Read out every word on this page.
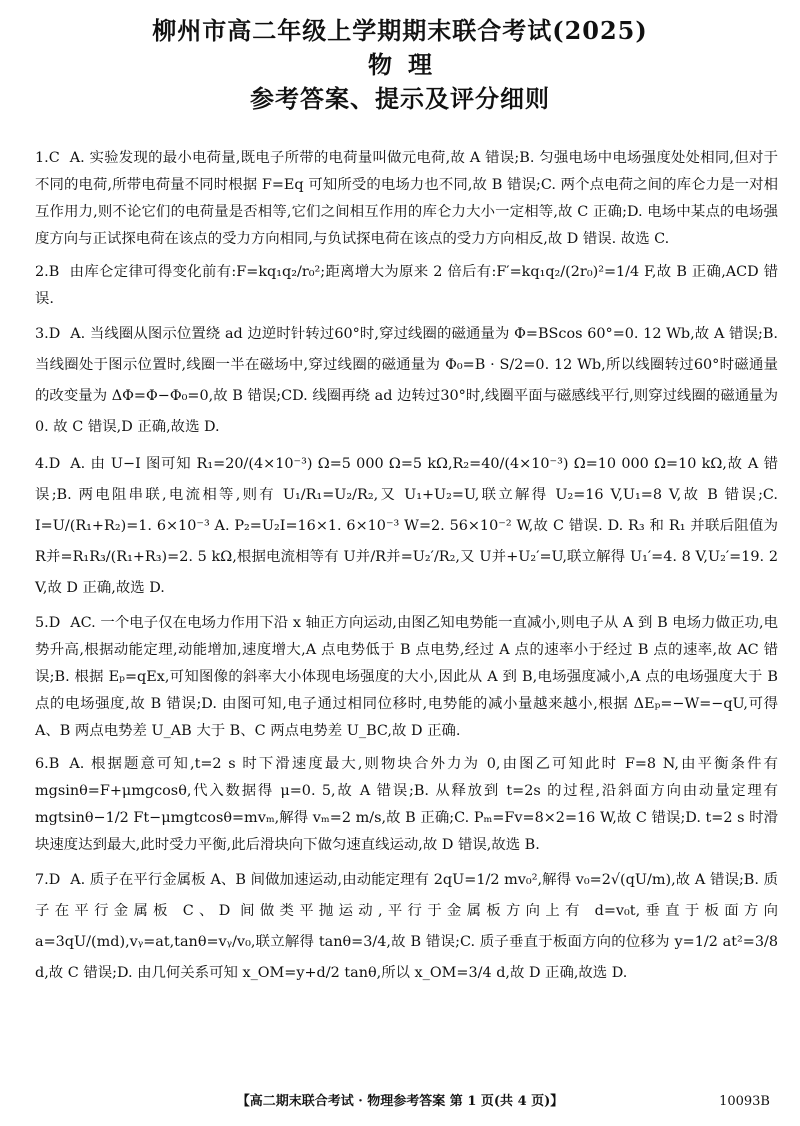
柳州市高二年级上学期期末联合考试(2025)
物理
参考答案、提示及评分细则

1.C A. 实验发现的最小电荷量,既电子所带的电荷量叫做元电荷,故 A 错误;B. 匀强电场中电场强度处处相同,但对于不同的电荷,所带电荷量不同时根据 F=Eq 可知所受的电场力也不同,故 B 错误;C. 两个点电荷之间的库仑力是一对相互作用力,则不论它们的电荷量是否相等,它们之间相互作用的库仑力大小一定相等,故 C 正确;D. 电场中某点的电场强度方向与正试探电荷在该点的受力方向相同,与负试探电荷在该点的受力方向相反,故 D 错误. 故选 C.

2.B 由库仑定律可得变化前有:F=kq₁q₂/r₀²;距离增大为原来 2 倍后有:F′=kq₁q₂/(2r₀)²=1/4 F,故 B 正确,ACD 错误.

3.D A. 当线圈从图示位置绕 ad 边逆时针转过60°时,穿过线圈的磁通量为 Φ=BScos 60°=0. 12 Wb,故 A 错误;B. 当线圈处于图示位置时,线圈一半在磁场中,穿过线圈的磁通量为 Φ₀=B · S/2=0. 12 Wb,所以线圈转过60°时磁通量的改变量为 ΔΦ=Φ−Φ₀=0,故 B 错误;CD. 线圈再绕 ad 边转过30°时,线圈平面与磁感线平行,则穿过线圈的磁通量为 0. 故 C 错误,D 正确,故选 D.

4.D A. 由 U−I 图可知 R₁=20/(4×10⁻³) Ω=5 000 Ω=5 kΩ,R₂=40/(4×10⁻³) Ω=10 000 Ω=10 kΩ,故 A 错误;B. 两电阻串联,电流相等,则有 U₁/R₁=U₂/R₂,又 U₁+U₂=U,联立解得 U₂=16 V,U₁=8 V,故 B 错误;C. I=U/(R₁+R₂)=1. 6×10⁻³ A. P₂=U₂I=16×1. 6×10⁻³ W=2. 56×10⁻² W,故 C 错误. D. R₃ 和 R₁ 并联后阻值为 R并=R₁R₃/(R₁+R₃)=2. 5 kΩ,根据电流相等有 U并/R并=U₂′/R₂,又 U并+U₂′=U,联立解得 U₁′=4. 8 V,U₂′=19. 2 V,故 D 正确,故选 D.

5.D AC. 一个电子仅在电场力作用下沿 x 轴正方向运动,由图乙知电势能一直减小,则电子从 A 到 B 电场力做正功,电势升高,根据动能定理,动能增加,速度增大,A 点电势低于 B 点电势,经过 A 点的速率小于经过 B 点的速率,故 AC 错误;B. 根据 Eₚ=qEx,可知图像的斜率大小体现电场强度的大小,因此从 A 到 B,电场强度减小,A 点的电场强度大于 B 点的电场强度,故 B 错误;D. 由图可知,电子通过相同位移时,电势能的减小量越来越小,根据 ΔEₚ=−W=−qU,可得 A、B 两点电势差 U_AB 大于 B、C 两点电势差 U_BC,故 D 正确.

6.B A. 根据题意可知,t=2 s 时下滑速度最大,则物块合外力为 0,由图乙可知此时 F=8 N,由平衡条件有 mgsinθ=F+μmgcosθ,代入数据得 μ=0. 5,故 A 错误;B. 从释放到 t=2s 的过程,沿斜面方向由动量定理有 mgtsinθ−1/2 Ft−μmgtcosθ=mvₘ,解得 vₘ=2 m/s,故 B 正确;C. Pₘ=Fv=8×2=16 W,故 C 错误;D. t=2 s 时滑块速度达到最大,此时受力平衡,此后滑块向下做匀速直线运动,故 D 错误,故选 B.

7.D A. 质子在平行金属板 A、B 间做加速运动,由动能定理有 2qU=1/2 mv₀²,解得 v₀=2√(qU/m),故 A 错误;B. 质子在平行金属板 C、D 间做类平抛运动,平行于金属板方向上有 d=v₀t,垂直于板面方向 a=3qU/(md),vᵧ=at,tanθ=vᵧ/v₀,联立解得 tanθ=3/4,故 B 错误;C. 质子垂直于板面方向的位移为 y=1/2 at²=3/8 d,故 C 错误;D. 由几何关系可知 x_OM=y+d/2 tanθ,所以 x_OM=3/4 d,故 D 正确,故选 D.

【高二期末联合考试 · 物理参考答案 第 1 页(共 4 页)】	10093B
